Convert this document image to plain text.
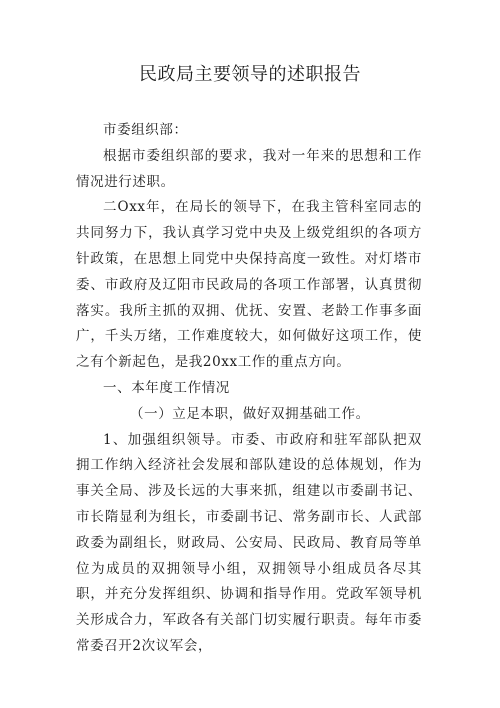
民政局主要领导的述职报告

市委组织部：

根据市委组织部的要求，我对一年来的思想和工作情况进行述职。

二Oxx年，在局长的领导下，在我主管科室同志的共同努力下，我认真学习党中央及上级党组织的各项方针政策，在思想上同党中央保持高度一致性。对灯塔市委、市政府及辽阳市民政局的各项工作部署，认真贯彻落实。我所主抓的双拥、优抚、安置、老龄工作事多面广，千头万绪，工作难度较大，如何做好这项工作，使之有个新起色，是我20xx工作的重点方向。

一、本年度工作情况

（一）立足本职，做好双拥基础工作。

1、加强组织领导。市委、市政府和驻军部队把双拥工作纳入经济社会发展和部队建设的总体规划，作为事关全局、涉及长远的大事来抓，组建以市委副书记、市长隋显利为组长，市委副书记、常务副市长、人武部政委为副组长，财政局、公安局、民政局、教育局等单位为成员的双拥领导小组，双拥领导小组成员各尽其职，并充分发挥组织、协调和指导作用。党政军领导机关形成合力，军政各有关部门切实履行职责。每年市委常委召开2次议军会，
